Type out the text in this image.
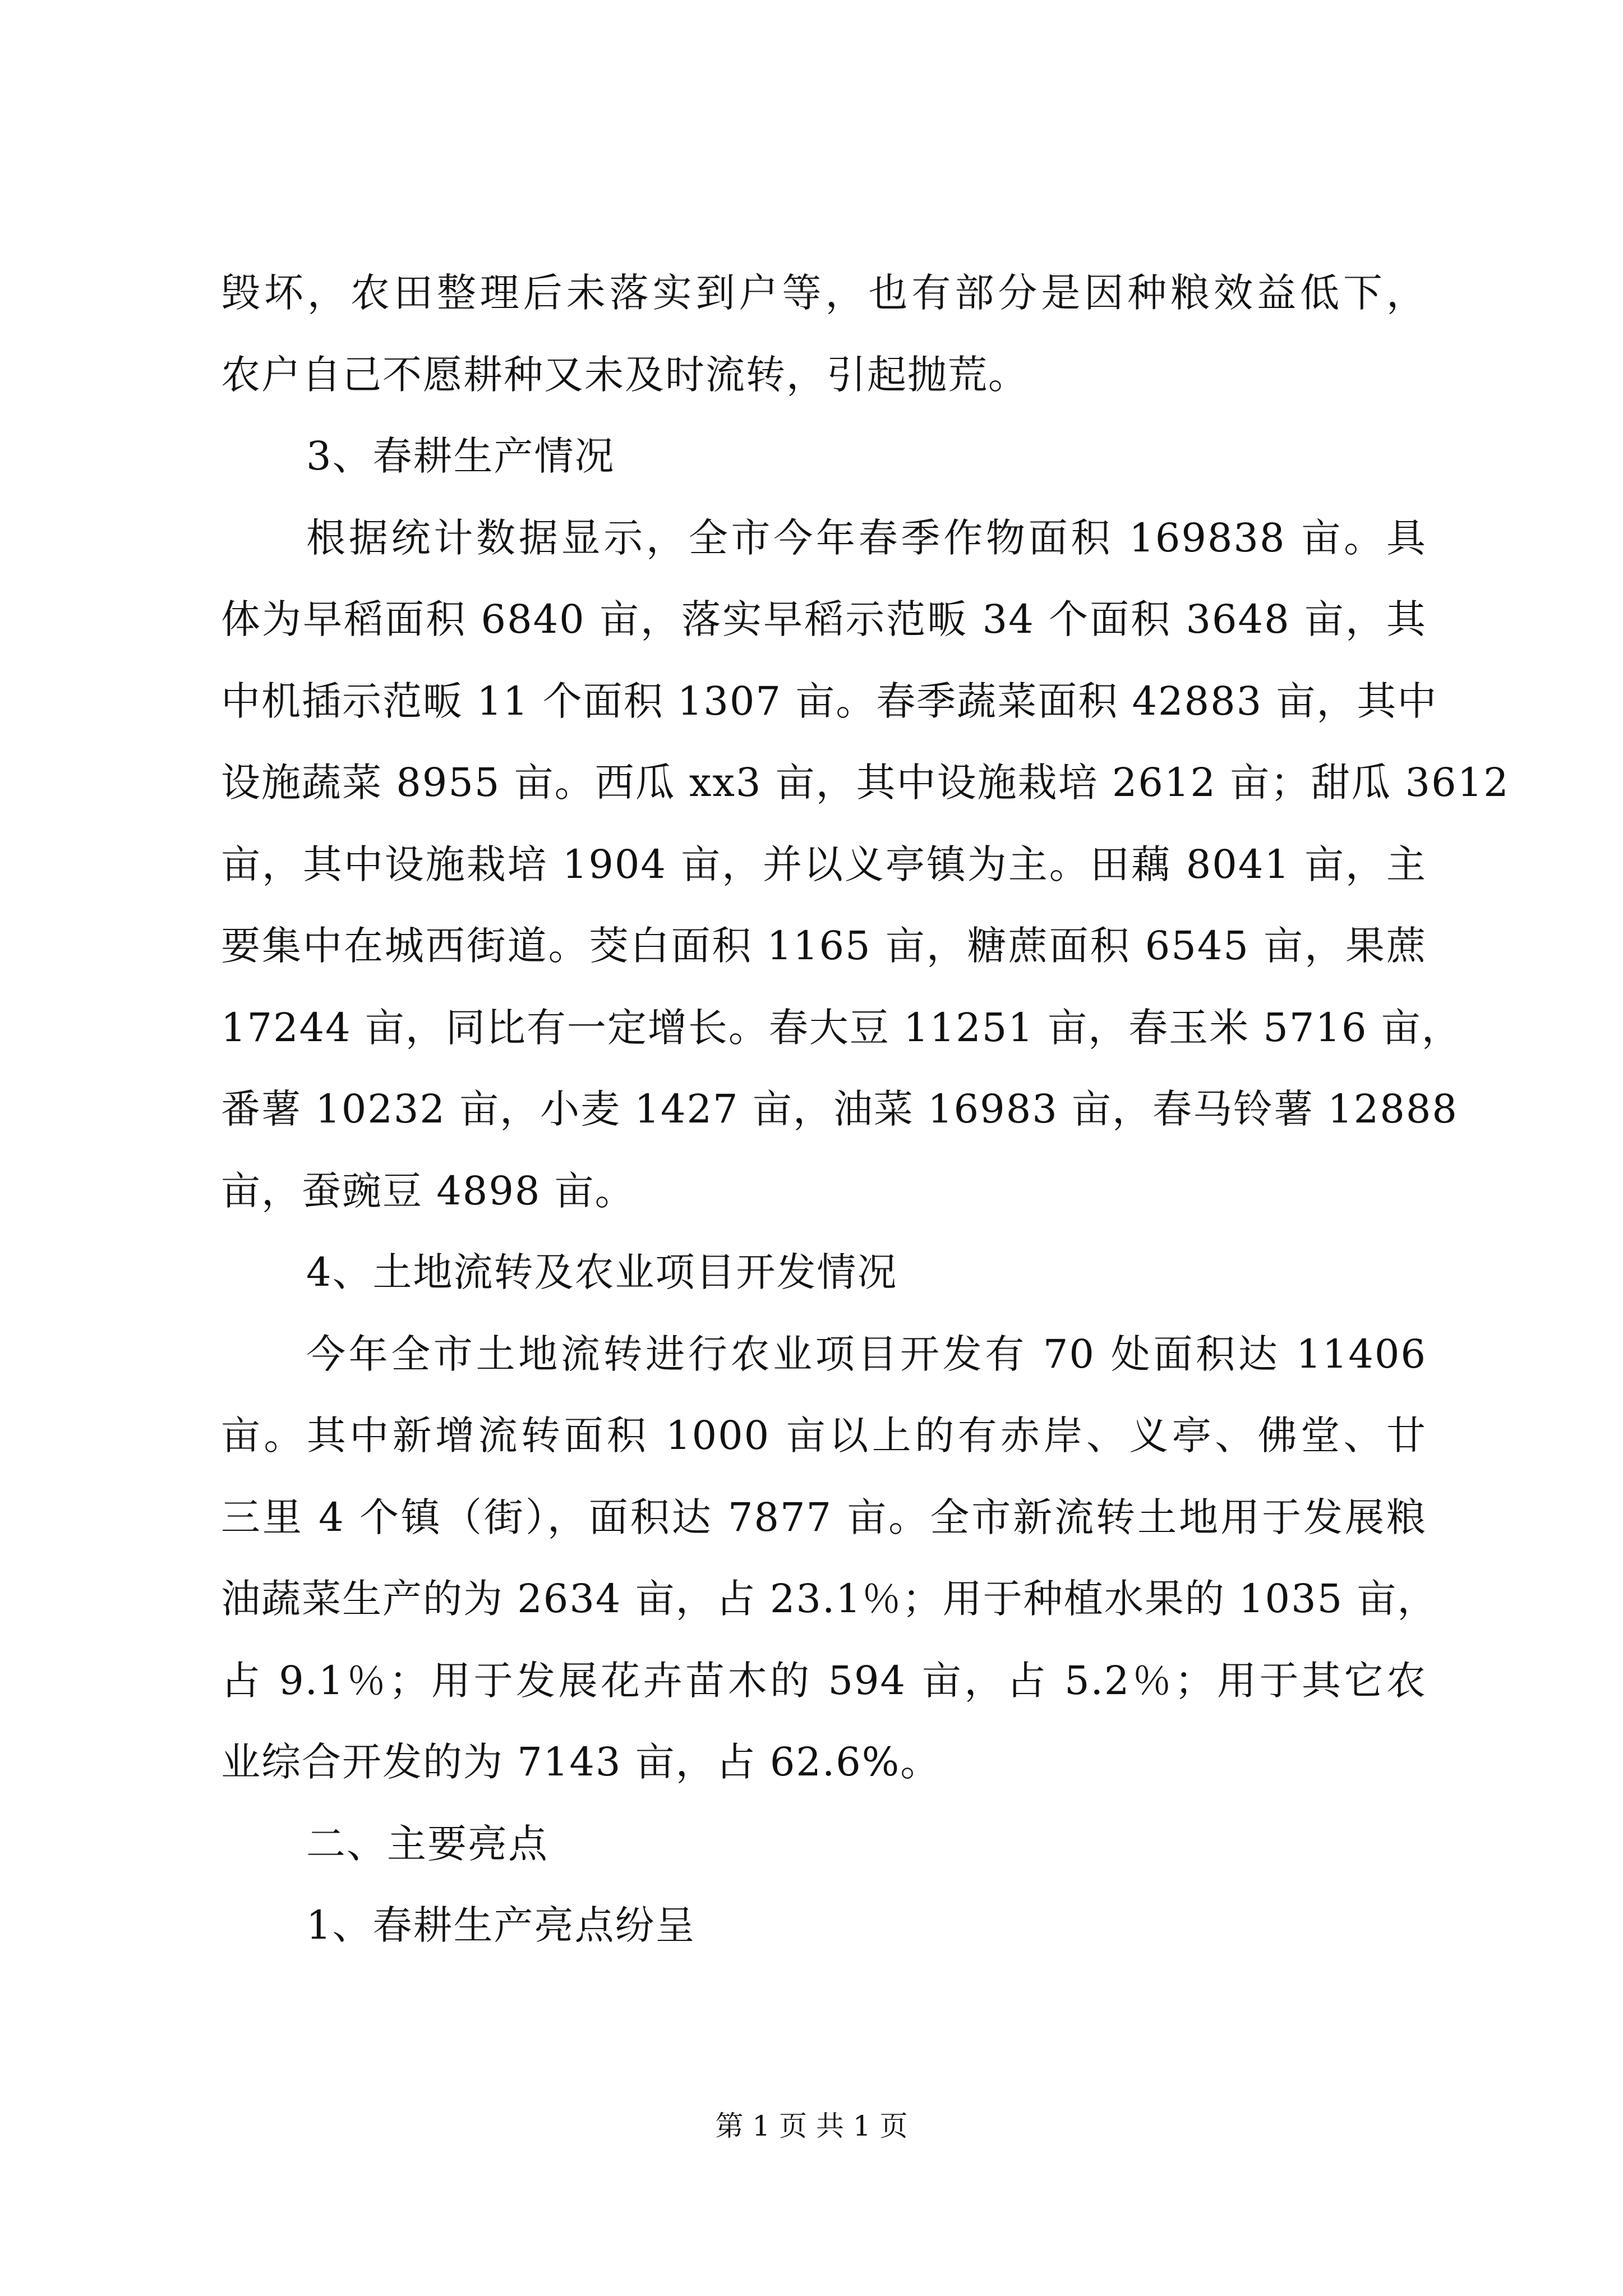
毁坏，农田整理后未落实到户等，也有部分是因种粮效益低下，
农户自己不愿耕种又未及时流转，引起抛荒。
3、春耕生产情况
根据统计数据显示，全市今年春季作物面积 169838 亩。具
体为早稻面积 6840 亩，落实早稻示范畈 34 个面积 3648 亩，其
中机插示范畈 11 个面积 1307 亩。春季蔬菜面积 42883 亩，其中
设施蔬菜 8955 亩。西瓜 xx3 亩，其中设施栽培 2612 亩；甜瓜 3612
亩，其中设施栽培 1904 亩，并以义亭镇为主。田藕 8041 亩，主
要集中在城西街道。茭白面积 1165 亩，糖蔗面积 6545 亩，果蔗
17244 亩，同比有一定增长。春大豆 11251 亩，春玉米 5716 亩，
番薯 10232 亩，小麦 1427 亩，油菜 16983 亩，春马铃薯 12888
亩，蚕豌豆 4898 亩。
4、土地流转及农业项目开发情况
今年全市土地流转进行农业项目开发有 70 处面积达 11406
亩。其中新增流转面积 1000 亩以上的有赤岸、义亭、佛堂、廿
三里 4 个镇（街），面积达 7877 亩。全市新流转土地用于发展粮
油蔬菜生产的为 2634 亩，占 23.1％；用于种植水果的 1035 亩，
占 9.1％；用于发展花卉苗木的 594 亩，占 5.2％；用于其它农
业综合开发的为 7143 亩，占 62.6%。
二、主要亮点
1、春耕生产亮点纷呈
第 1 页 共 1 页
